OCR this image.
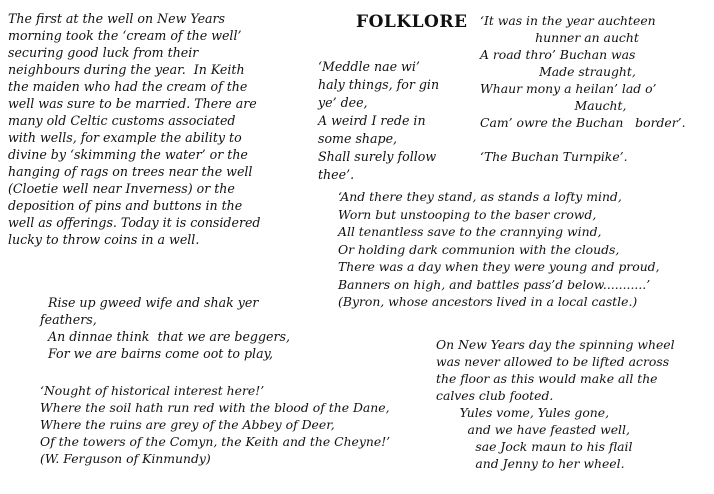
FOLKLORE
The first at the well on New Years
morning took the ‘cream of the well’
securing good luck from their
neighbours during the year.  In Keith
the maiden who had the cream of the
well was sure to be married. There are
many old Celtic customs associated
with wells, for example the ability to
divine by ‘skimming the water’ or the
hanging of rags on trees near the well
(Cloetie well near Inverness) or the
deposition of pins and buttons in the
well as offerings. Today it is considered
lucky to throw coins in a well.
‘Meddle nae wi’
haly things, for gin
ye’ dee,
A weird I rede in
some shape,
Shall surely follow
thee’.
‘It was in the year auchteen
hunner an aucht
A road thro’ Buchan was
Made straught,
Whaur mony a heilan’ lad o’
Maucht,
Cam’ owre the Buchan   border’.

‘The Buchan Turnpike’.
‘And there they stand, as stands a lofty mind,
Worn but unstooping to the baser crowd,
All tenantless save to the crannying wind,
Or holding dark communion with the clouds,
There was a day when they were young and proud,
Banners on high, and battles pass’d below...........’
(Byron, whose ancestors lived in a local castle.)
Rise up gweed wife and shak yer
feathers,
An dinnae think  that we are beggers,
For we are bairns come oot to play,
‘Nought of historical interest here!’
Where the soil hath run red with the blood of the Dane,
Where the ruins are grey of the Abbey of Deer,
Of the towers of the Comyn, the Keith and the Cheyne!’
(W. Ferguson of Kinmundy)
On New Years day the spinning wheel
was never allowed to be lifted across
the floor as this would make all the
calves club footed.
Yules vome, Yules gone,
and we have feasted well,
sae Jock maun to his flail
and Jenny to her wheel.
